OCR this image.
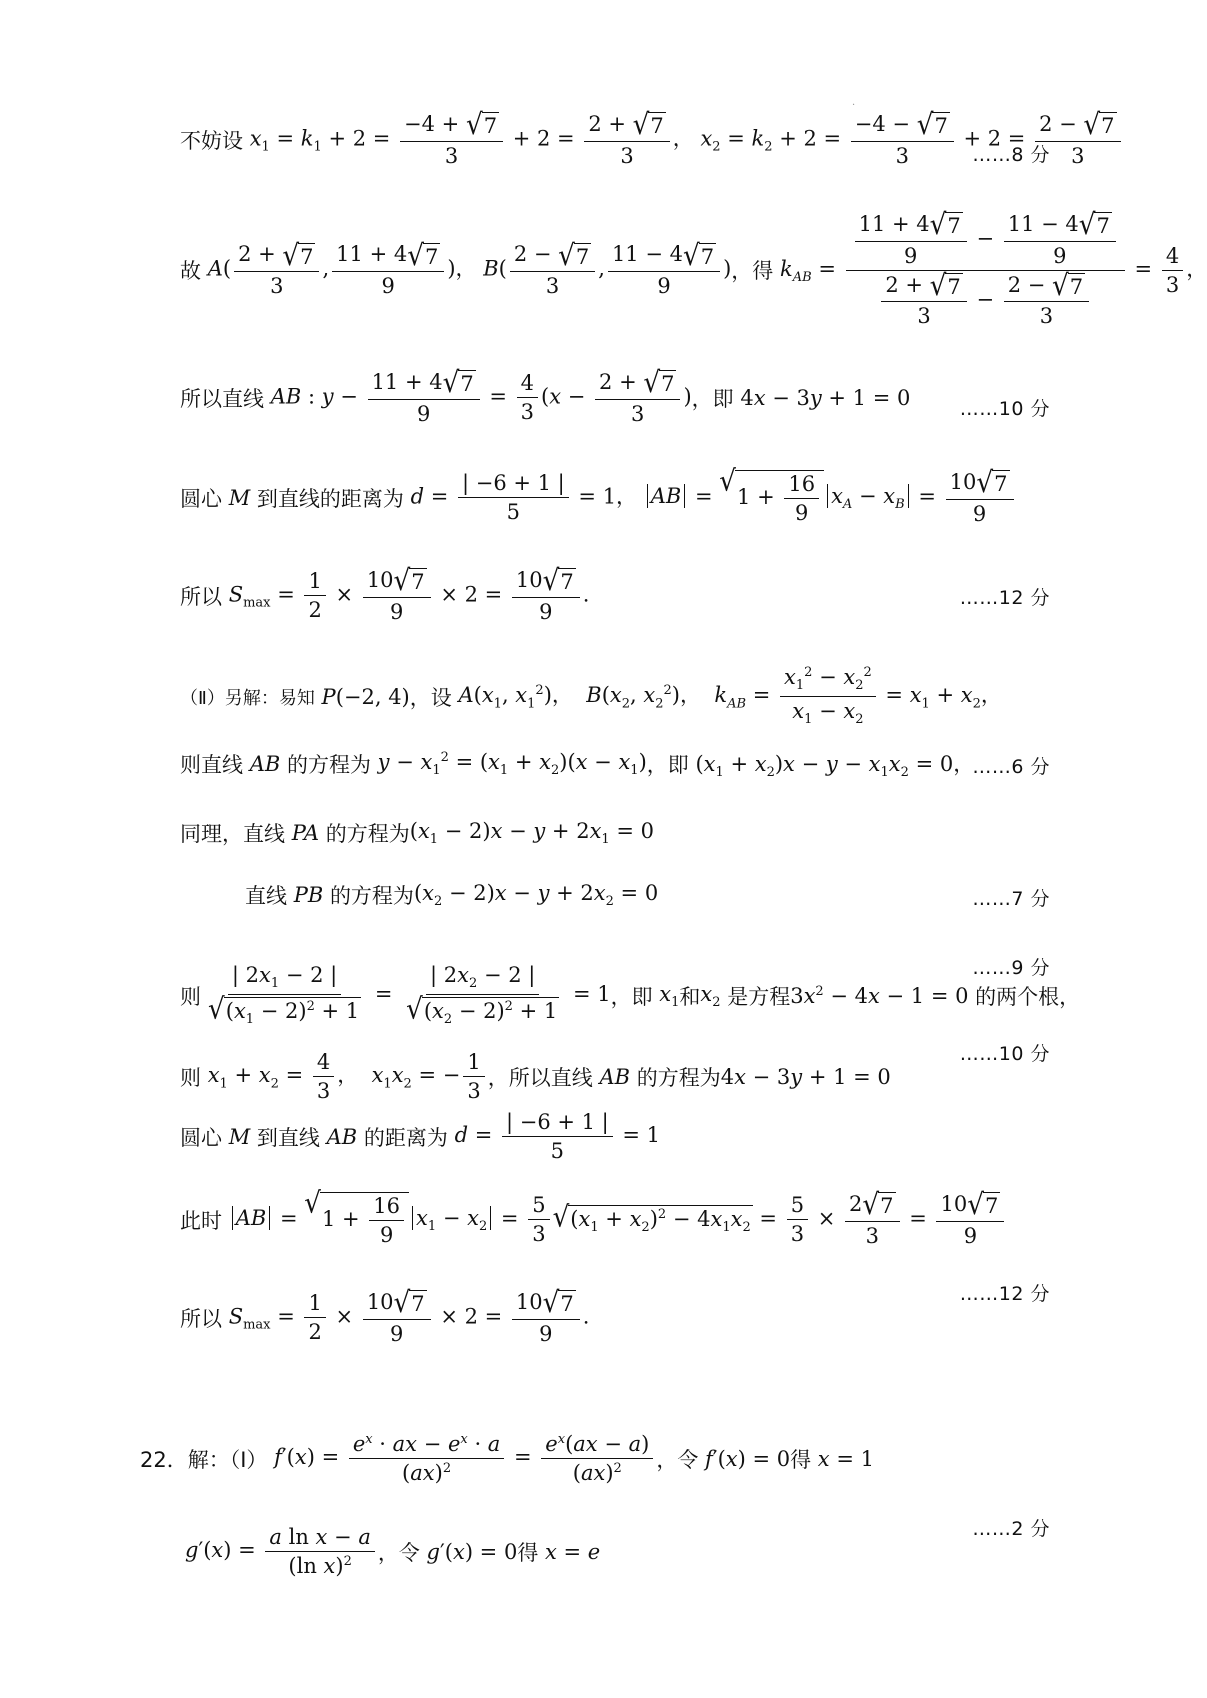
·
不妨设 $x_1 = k_1 + 2 = \frac{-4 + √ 7}{3} + 2 = \frac{2 + √ 7}{3}$ ， $x_2 = k_2 + 2 = \frac{-4 - √ 7}{3} + 2 = \frac{2 - √ 7}{3}$
……8 分
故 $A( \frac{2 + √ 7}{3}$ , $\frac{11 + 4 √ 7}{9}$ )， $B( \frac{2 - √ 7}{3}$ , $\frac{11 - 4 √ 7}{9}$ ) ，得 $k_{AB} = \frac{\frac{11 + 4 √ 7}{9} - \frac{11 - 4 √ 7}{9}}{\frac{2 + √ 7}{3} - \frac{2 - √ 7}{3}} = \frac{4}{3}$ ，
所以直线 AB : $y - \frac{11 + 4 √ 7}{9} = \frac{4}{3} (x - \frac{2 + √ 7}{3}$ ) ，即 4x − 3y + 1 = 0	……10 分
圆心 M 到直线的距离为 $d = \frac{| -6 + 1 |}{5} = 1$， AB = √ $1 + \frac{16}{9} x_A - x_B = \frac{10 √ 7}{9}$
所以 $S_{max} = \frac{1}{2} \times \frac{10 √ 7}{9} \times 2 = \frac{10 √ 7}{9}$ .	……12 分
（Ⅱ）另解：易知 P(−2, 4) ，设 $A(x_1$, $x_1^2$)，  $B(x_2$, $x_2^2$)，  $k_{AB} = \frac{x_1^2 - x_2^2}{x_1 - x_2} = x_1 + x_2$，
则直线 AB 的方程为 $y - x_1^2 = (x_1 + x_2)(x - x_1)$ ，即 $(x_1 + x_2)x - y - x_1x_2 = 0$，
……6 分
同理，直线 PA 的方程为 $(x_1 - 2)x - y + 2x_1 = 0$
直线 PB 的方程为 $(x_2 - 2)x - y + 2x_2 = 0$	……7 分
则 $\frac{| 2x_1 - 2 |}{√ (x_1 - 2)^2 + 1} = \frac{| 2x_2 - 2 |}{√ (x_2 - 2)^2 + 1} = 1$ ，即 $x_1$ 和 $x_2$ 是方程 $3x^2 - 4x - 1 = 0$ 的两个根，
……9 分
则 $x_1 + x_2 = \frac{4}{3}$ ，  $x_1x_2$ = − $\frac{1}{3}$ ，所以直线 AB 的方程为 4x − 3y + 1 = 0
……10 分
圆心 M 到直线 AB 的距离为 $d = \frac{| -6 + 1 |}{5} = 1$
此时 AB = √ $1 + \frac{16}{9} x_1 - x_2 = \frac{5}{3}$ √ $(x_1 + x_2)^2 - 4x_1x_2 = \frac{5}{3} \times \frac{2 √ 7}{3} = \frac{10 √ 7}{9}$
所以 $S_{max} = \frac{1}{2} \times \frac{10 √ 7}{9} \times 2 = \frac{10 √ 7}{9}$ .
……12 分
22．解：（Ⅰ） $f'(x) = \frac{e^x \cdot ax - e^x \cdot a}{(ax)^2} = \frac{e^x(ax - a)}{(ax)^2}$ ，令 f′(x) = 0 得 x = 1
$g'(x) = \frac{\text{a ln x − a}}{(\ln x)^2}$ ，令 g′(x) = 0 得 x = e
……2 分
